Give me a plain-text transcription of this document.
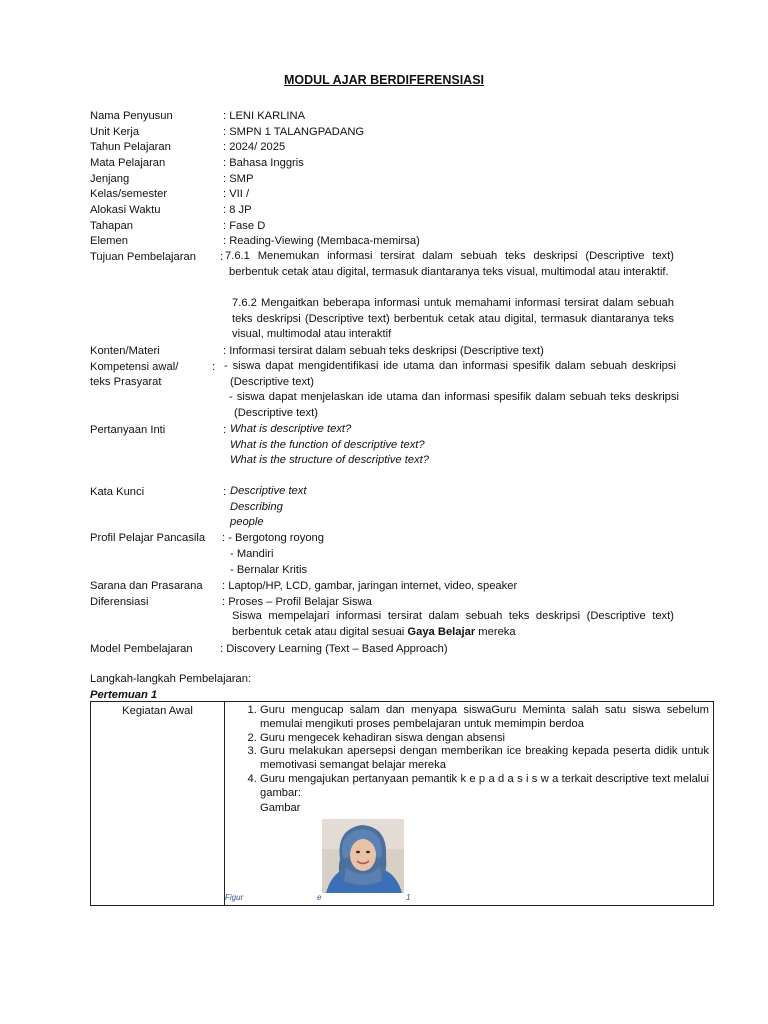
MODUL AJAR BERDIFERENSIASI
Nama Penyusun	: LENI KARLINA
Unit Kerja	: SMPN 1 TALANGPADANG
Tahun Pelajaran	: 2024/ 2025
Mata Pelajaran	: Bahasa Inggris
Jenjang	: SMP
Kelas/semester	: VII /
Alokasi Waktu	: 8 JP
Tahapan	: Fase D
Elemen	: Reading-Viewing (Membaca-memirsa)
Tujuan Pembelajaran : 7.6.1 Menemukan informasi tersirat dalam sebuah teks deskripsi (Descriptive text) berbentuk cetak atau digital, termasuk diantaranya teks visual, multimodal atau interaktif.
7.6.2 Mengaitkan beberapa informasi untuk memahami informasi tersirat dalam sebuah teks deskripsi (Descriptive text) berbentuk cetak atau digital, termasuk diantaranya teks visual, multimodal atau interaktif
Konten/Materi	: Informasi tersirat dalam sebuah teks deskripsi (Descriptive text)
Kompetensi awal/	:
teks Prasyarat
- siswa dapat mengidentifikasi ide utama dan informasi spesifik dalam sebuah deskripsi (Descriptive text)
- siswa dapat menjelaskan ide utama dan informasi spesifik dalam sebuah teks deskripsi (Descriptive text)
Pertanyaan Inti	: What is descriptive text?
What is the function of descriptive text?
What is the structure of descriptive text?
Kata Kunci	: Descriptive text
Describing
people
Profil Pelajar Pancasila : - Bergotong royong
- Mandiri
- Bernalar Kritis
Sarana dan Prasarana : Laptop/HP, LCD, gambar, jaringan internet, video, speaker
Diferensiasi	: Proses – Profil Belajar Siswa
Siswa mempelajari informasi tersirat dalam sebuah teks deskripsi (Descriptive text) berbentuk cetak atau digital sesuai Gaya Belajar mereka
Model Pembelajaran : Discovery Learning (Text – Based Approach)
Langkah-langkah Pembelajaran:
Pertemuan 1
Kegiatan Awal

1.Guru mengucap salam dan menyapa siswaGuru Meminta salah satu siswa sebelum memulai mengikuti proses pembelajaran untuk memimpin berdoa
2. Guru mengecek kehadiran siswa dengan absensi
3. Guru melakukan apersepsi dengan memberikan ice breaking kepada peserta didik untuk memotivasi semangat belajar mereka
4. Guru mengajukan pertanyaan pemantik k e p a d a s i s w a terkait descriptive text melalui gambar:
Gambar
Figur	e	1
